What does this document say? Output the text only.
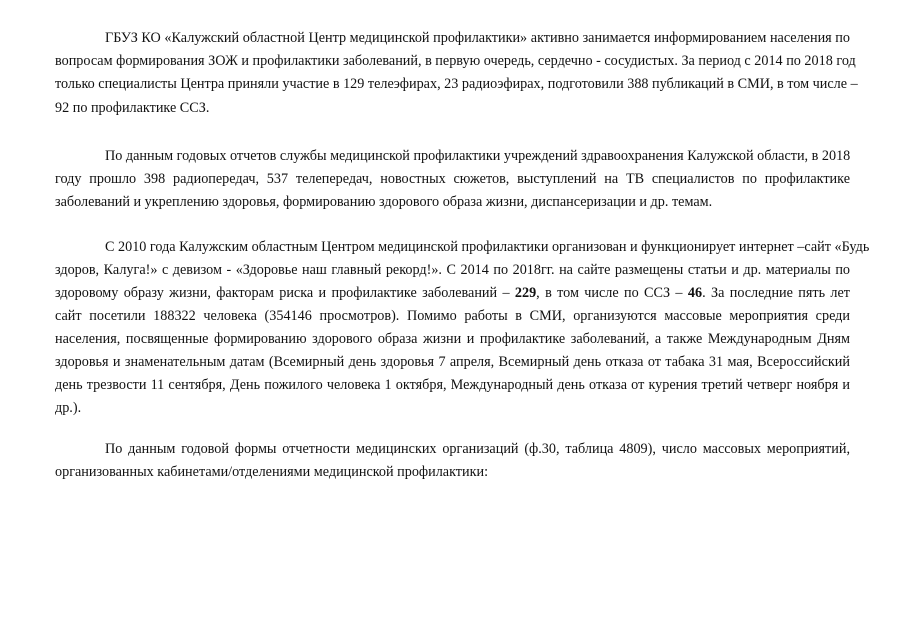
ГБУЗ КО «Калужский областной Центр медицинской профилактики» активно занимается информированием населения по
вопросам формирования ЗОЖ и профилактики заболеваний, в первую очередь, сердечно - сосудистых. За период с 2014 по 2018 год
только специалисты Центра приняли участие в 129 телеэфирах, 23 радиоэфирах, подготовили 388 публикаций в СМИ, в том числе –
92 по профилактике ССЗ.
По данным годовых отчетов службы медицинской профилактики учреждений здравоохранения Калужской области, в 2018
году прошло 398 радиопередач, 537 телепередач, новостных сюжетов, выступлений на ТВ специалистов по профилактике
заболеваний и укреплению здоровья, формированию здорового образа жизни, диспансеризации и др. темам.
С 2010 года Калужским областным Центром медицинской профилактики организован и функционирует интернет –сайт «Будь
здоров, Калуга!» с девизом - «Здоровье наш главный рекорд!». С 2014 по 2018гг. на сайте размещены статьи и др. материалы по
здоровому образу жизни, факторам риска и профилактике заболеваний – 229, в том числе по ССЗ – 46. За последние пять лет
сайт посетили 188322 человека (354146 просмотров). Помимо работы в СМИ, организуются массовые мероприятия среди
населения, посвященные формированию здорового образа жизни и профилактике заболеваний, а также Международным Дням
здоровья и знаменательным датам (Всемирный день здоровья 7 апреля, Всемирный день отказа от табака 31 мая, Всероссийский
день трезвости 11 сентября, День пожилого человека 1 октября, Международный день отказа от курения третий четверг ноября и
др.).
По данным годовой формы отчетности медицинских организаций (ф.30, таблица 4809), число массовых мероприятий,
организованных кабинетами/отделениями медицинской профилактики:
